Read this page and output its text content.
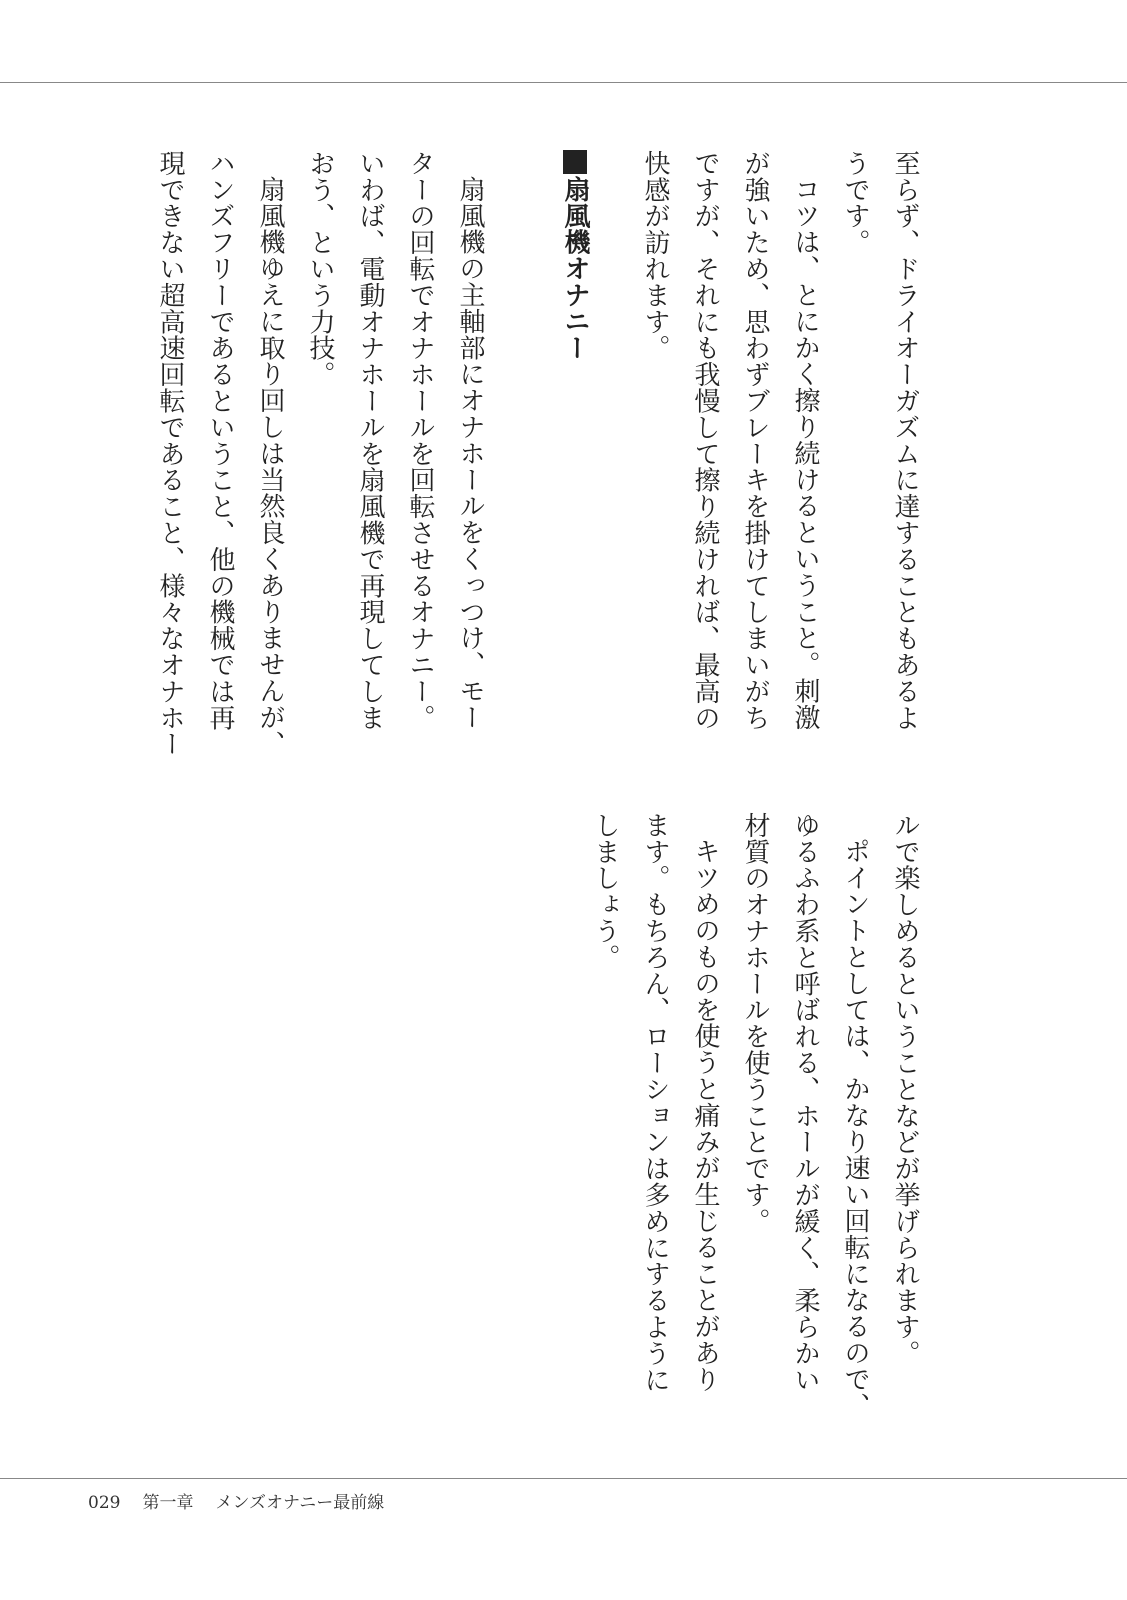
至らず、ドライオーガズムに達することもあるよ
うです。
コツは、とにかく擦り続けるということ。刺激
が強いため、思わずブレーキを掛けてしまいがち
ですが、それにも我慢して擦り続ければ、最高の
快感が訪れます。
扇風機の主軸部にオナホールをくっつけ、モー
ターの回転でオナホールを回転させるオナニー。
いわば、電動オナホールを扇風機で再現してしま
おう、という力技。
扇風機ゆえに取り回しは当然良くありませんが、
ハンズフリーであるということ、他の機械では再
現できない超高速回転であること、様々なオナホー
ルで楽しめるということなどが挙げられます。
ポイントとしては、かなり速い回転になるので、
ゆるふわ系と呼ばれる、ホールが緩く、柔らかい
材質のオナホールを使うことです。
キツめのものを使うと痛みが生じることがあり
ます。もちろん、ローションは多めにするように
しましょう。
扇風機オナニー
029 第一章 メンズオナニー最前線
